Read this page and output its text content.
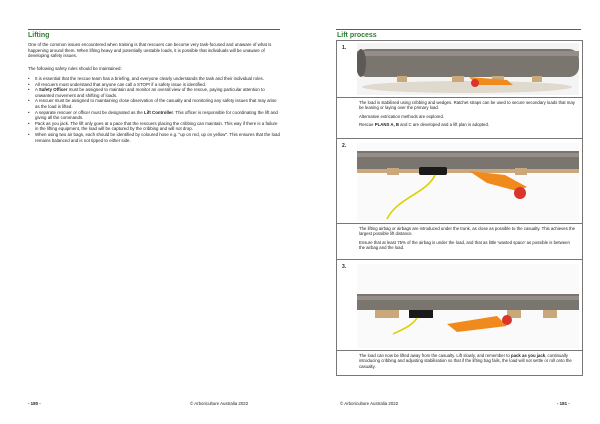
Lifting
One of the common issues encountered when training is that rescuers can become very task-focused and unaware of what is happening around them. When lifting heavy and potentially unstable loads, it is possible that individuals will be unaware of developing safety issues.
The following safety rules should be maintained:
• It is essential that the rescue team has a briefing, and everyone clearly understands the task and their individual roles.
• All rescuers must understand that anyone can call a STOP! if a safety issue is identified.
• A Safety Officer must be assigned to maintain and monitor an overall view of the rescue, paying particular attention to unwanted movement and shifting of loads.
• A rescuer must be assigned to maintaining close observation of the casualty and monitoring any safety issues that may arise as the load is lifted.
• A separate rescuer or officer must be designated as the Lift Controller. This officer is responsible for coordinating the lift and giving all the commands.
• Pack as you jack. The lift only goes at a pace that the rescuers placing the cribbing can maintain. This way if there is a failure in the lifting equipment, the load will be captured by the cribbing and will not drop.
• When using two air bags, each should be identified by coloured hose e.g. "up on red, up on yellow". This ensures that the load remains balanced and is not tipped to either side.
- 180 -	© Arboriculture Australia 2022
Lift process
© Arboriculture Australia 2022	- 181 -
1.
The load is stabilised using cribbing and wedges. Ratchet straps can be used to secure secondary loads that may be leaning or laying over the primary load.
Alternative extrication methods are explored.
Rescue PLANS A, B and C are developed and a lift plan is adopted.
2.
The lifting airbag or airbags are introduced under the trunk, as close as possible to the casualty. This achieves the largest possible lift distance.
Ensure that at least 75% of the airbag is under the load, and that as little 'wasted space' as possible is between the airbag and the load.
3.
The load can now be lifted away from the casualty. Lift slowly, and remember to pack as you jack, continually introducing cribbing and adjusting stabilisation so that if the lifting bag fails, the load will not settle or roll onto the casualty.
